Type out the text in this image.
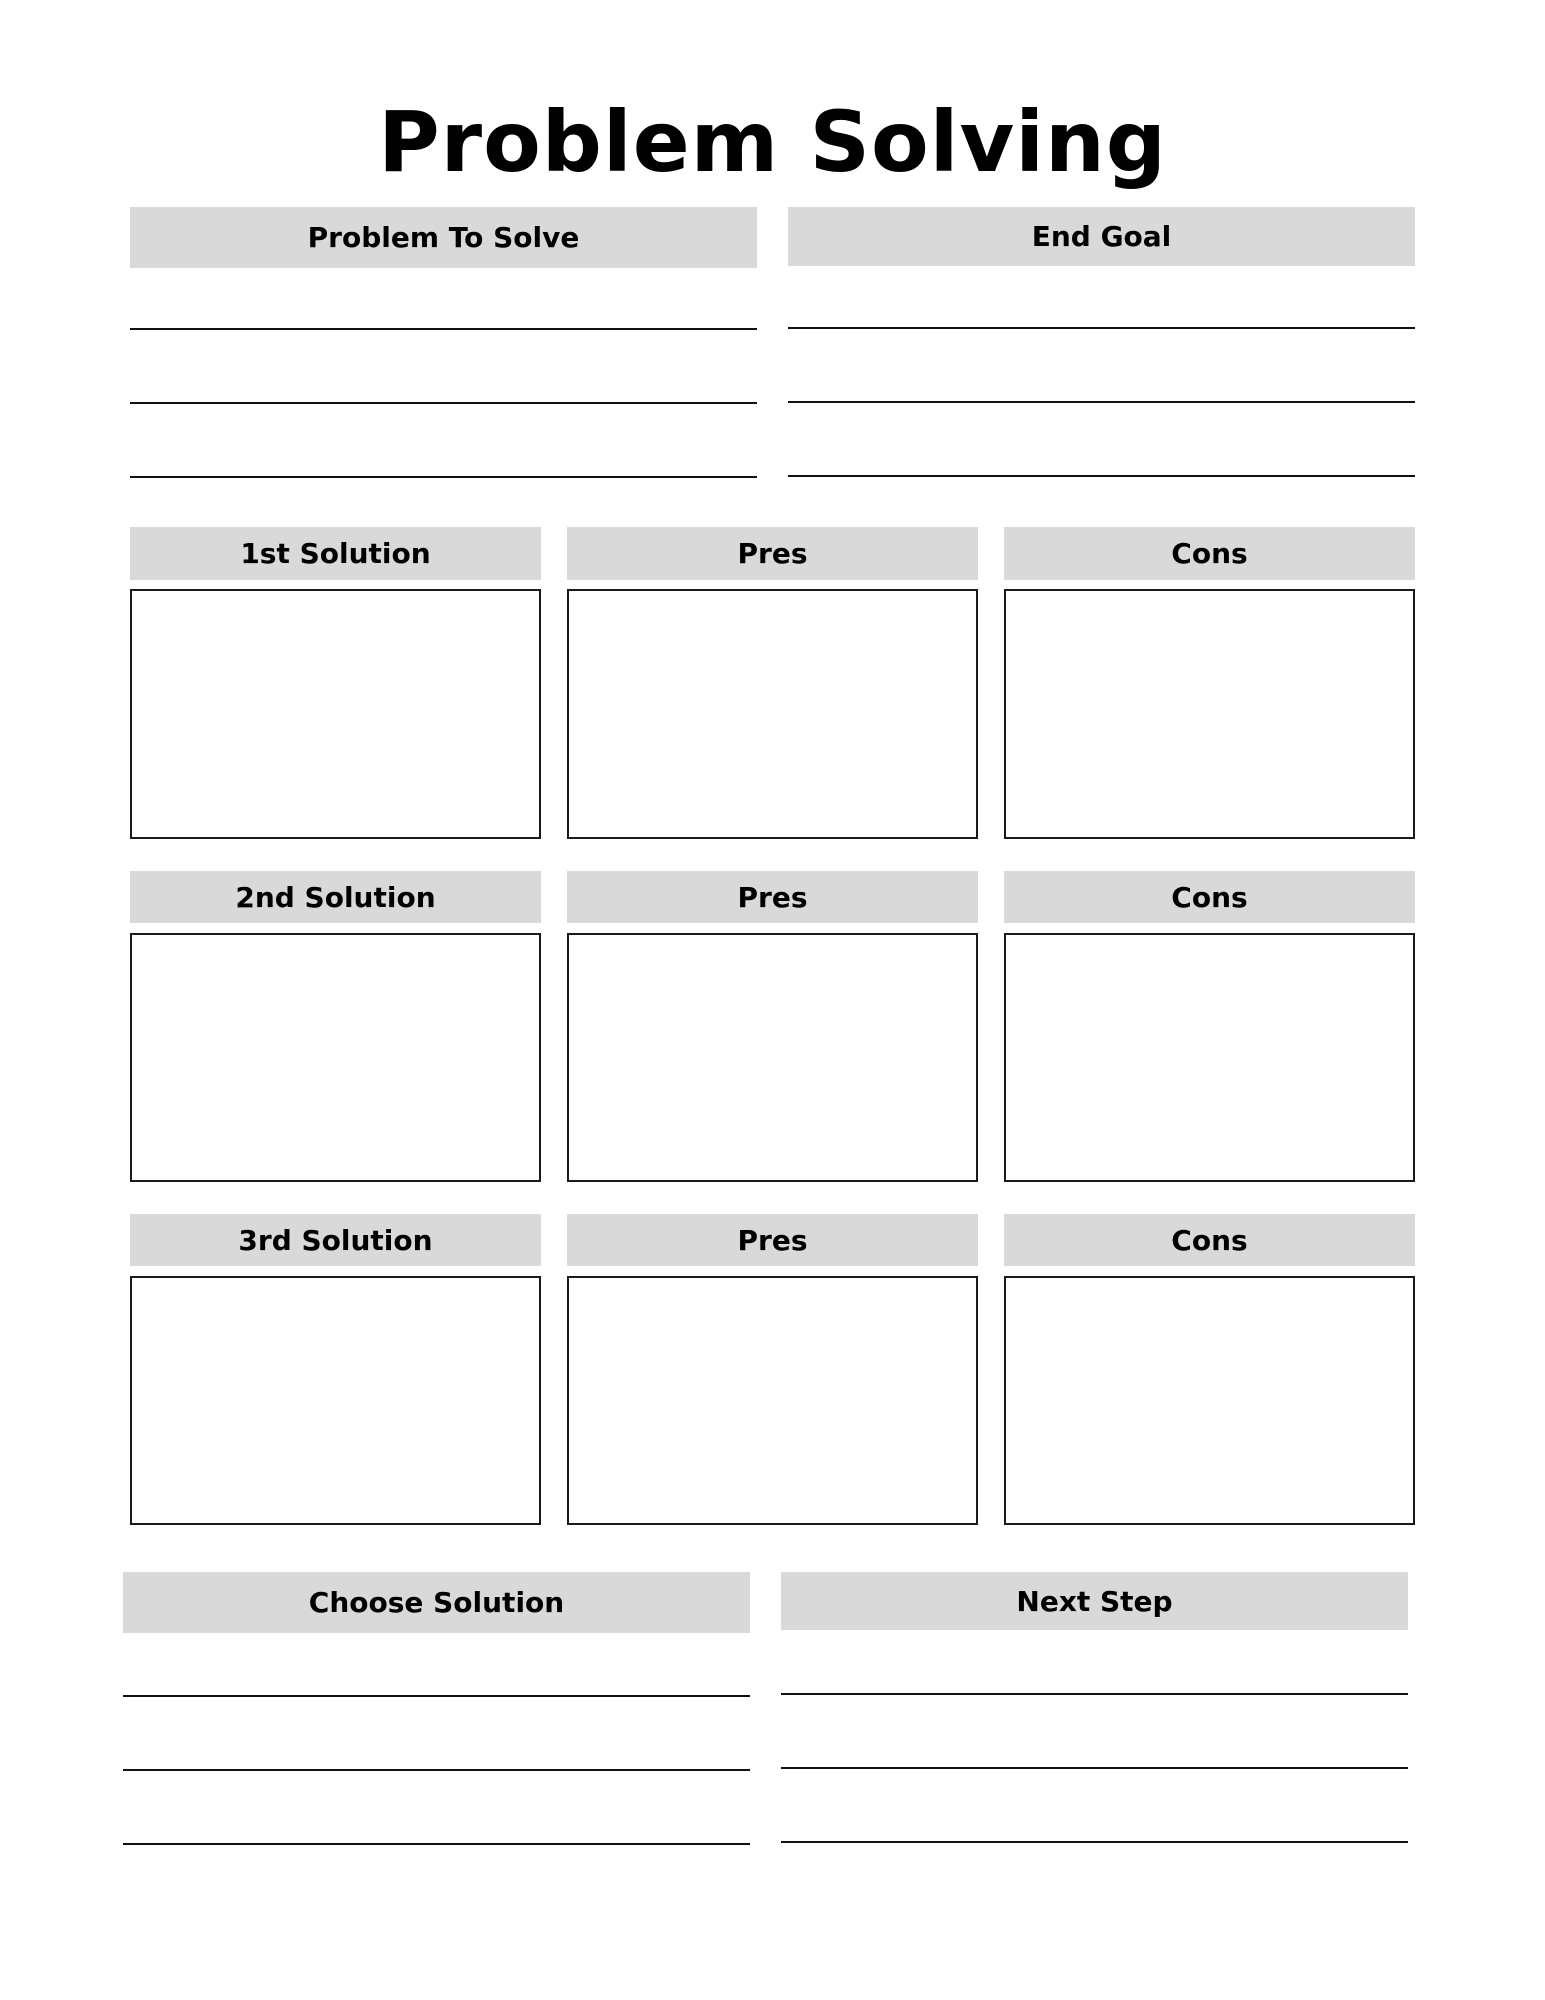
Problem Solving
Problem To Solve	End Goal
1st Solution	Pres	Cons
2nd Solution	Pres	Cons
3rd Solution	Pres	Cons
Choose Solution	Next Step
